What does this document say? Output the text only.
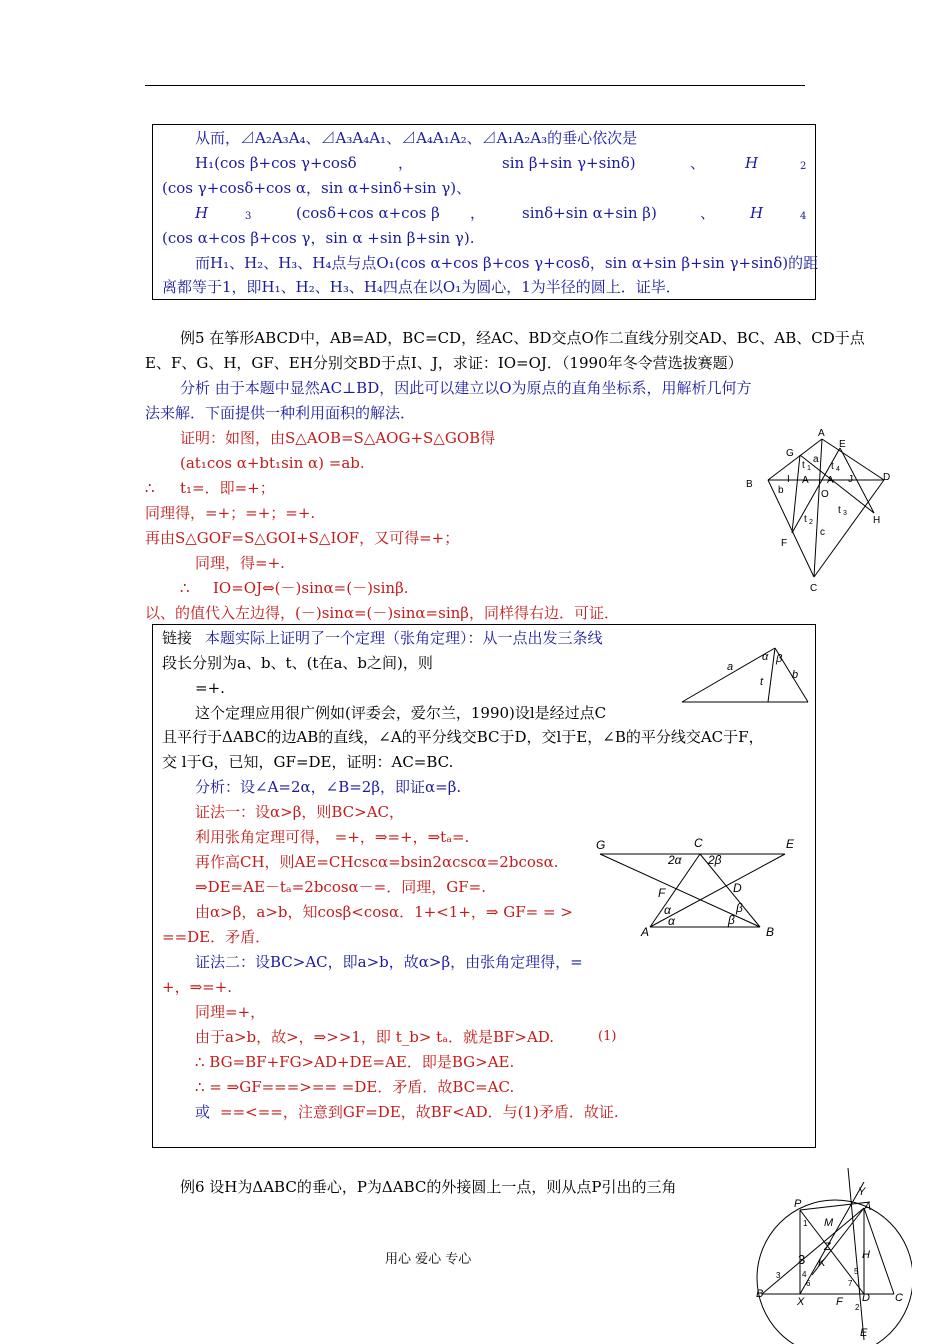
从而，⊿A₂A₃A₄、⊿A₃A₄A₁、⊿A₄A₁A₂、⊿A₁A₂A₃的垂心依次是
H₁(cos β+cos γ+cosδ	，	sin β+sin γ+sinδ)	、	H	2
(cos γ+cosδ+cos α，sin α+sinδ+sin γ)、
H	3	(cosδ+cos α+cos β ， sinδ+sin α+sin β)	、 H	4
(cos α+cos β+cos γ，sin α +sin β+sin γ).
而H₁、H₂、H₃、H₄点与点O₁(cos α+cos β+cos γ+cosδ，sin α+sin β+sin γ+sinδ)的距
离都等于1，即H₁、H₂、H₃、H₄四点在以O₁为圆心，1为半径的圆上．证毕．
例5 在筝形ABCD中，AB=AD，BC=CD，经AC、BD交点O作二直线分别交AD、BC、AB、CD于点
E、F、G、H，GF、EH分别交BD于点I、J，求证：IO=OJ．（1990年冬令营选拔赛题）
分析 由于本题中显然AC⊥BD，因此可以建立以O为原点的直角坐标系，用解析几何方
法来解．下面提供一种利用面积的解法．
证明：如图，由S△AOB=S△AOG+S△GOB得
(at₁cos α+bt₁sin α) =ab.
∴ t₁=．即=+；
同理得，=+；=+；=+.
再由S△GOF=S△GOI+S△IOF，又可得=+；
同理，得=+.
∴ IO=OJ⇔(－)sinα=(－)sinβ.
以、的值代入左边得，(－)sinα=(－)sinα=sinβ，同样得右边．可证．
A
E
G
t 1
a
t 4
D
B	I A A J
b	O
t 3
H
t 2
c
F
C
链接 本题实际上证明了一个定理（张角定理）：从一点出发三条线
段长分别为a、b、t、(t在a、b之间)，则
=+.
这个定理应用很广例如(评委会，爱尔兰，1990)设l是经过点C
且平行于ΔABC的边AB的直线，∠A的平分线交BC于D，交l于E，∠B的平分线交AC于F，
交 l于G，已知，GF=DE，证明：AC=BC.
分析：设∠A=2α，∠B=2β，即证α=β.
证法一：设α>β，则BC>AC，
利用张角定理可得， =+，⇒=+，⇒tₐ=.
再作高CH，则AE=CHcscα=bsin2αcscα=2bcosα.
⇒DE=AE－tₐ=2bcosα－=．同理，GF=.
由α>β，a>b，知cosβ<cosα．1+<1+，⇒ GF= = >
==DE．矛盾．
证法二：设BC>AC，即a>b，故α>β，由张角定理得，=
+，⇒=+.
同理=+，
由于a>b，故>，⇒>>1，即 t_b> tₐ．就是BF>AD.	(1)
∴ BG=BF+FG>AD+DE=AE．即是BG>AE.
∴ = ⇒GF===>== =DE．矛盾．故BC=AC.
或 ==<==，注意到GF=DE，故BF<AD．与(1)矛盾．故证.
α β
a
b
t
G	C	E
2α 2β
F	D
α
α
β
β
A	B
例6 设H为ΔABC的垂心，P为ΔABC的外接圆上一点，则从点P引出的三角	Y
P	A
M
Z
H
K
B
X	F D C
E
1
3
3	4	5
6	7
2
用心 爱心 专心
